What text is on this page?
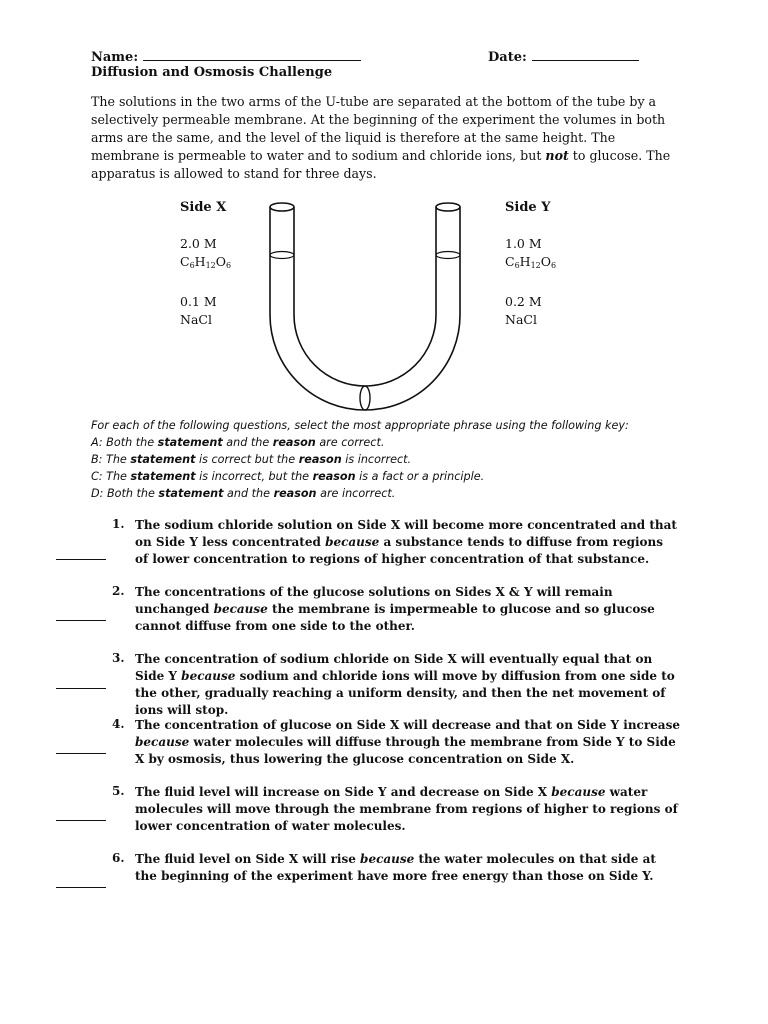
Name:	Date:
Diffusion and Osmosis Challenge
The solutions in the two arms of the U-tube are separated at the bottom of the tube by a selectively permeable membrane. At the beginning of the experiment the volumes in both arms are the same, and the level of the liquid is therefore at the same height. The membrane is permeable to water and to sodium and chloride ions, but not to glucose. The apparatus is allowed to stand for three days.
Side X
2.0 M
$C_6H_{12}O_6$
0.1 M
NaCl
Side Y
1.0 M
$C_6H_{12}O_6$
0.2 M
NaCl
For each of the following questions, select the most appropriate phrase using the following key:
A: Both the statement and the reason are correct.
B: The statement is correct but the reason is incorrect.
C: The statement is incorrect, but the reason is a fact or a principle.
D: Both the statement and the reason are incorrect.
1. The sodium chloride solution on Side X will become more concentrated and that on Side Y less concentrated because a substance tends to diffuse from regions of lower concentration to regions of higher concentration of that substance.
2. The concentrations of the glucose solutions on Sides X & Y will remain unchanged because the membrane is impermeable to glucose and so glucose cannot diffuse from one side to the other.
3. The concentration of sodium chloride on Side X will eventually equal that on Side Y because sodium and chloride ions will move by diffusion from one side to the other, gradually reaching a uniform density, and then the net movement of ions will stop.
4. The concentration of glucose on Side X will decrease and that on Side Y increase because water molecules will diffuse through the membrane from Side Y to Side X by osmosis, thus lowering the glucose concentration on Side X.
5. The fluid level will increase on Side Y and decrease on Side X because water molecules will move through the membrane from regions of higher to regions of lower concentration of water molecules.
6. The fluid level on Side X will rise because the water molecules on that side at the beginning of the experiment have more free energy than those on Side Y.
